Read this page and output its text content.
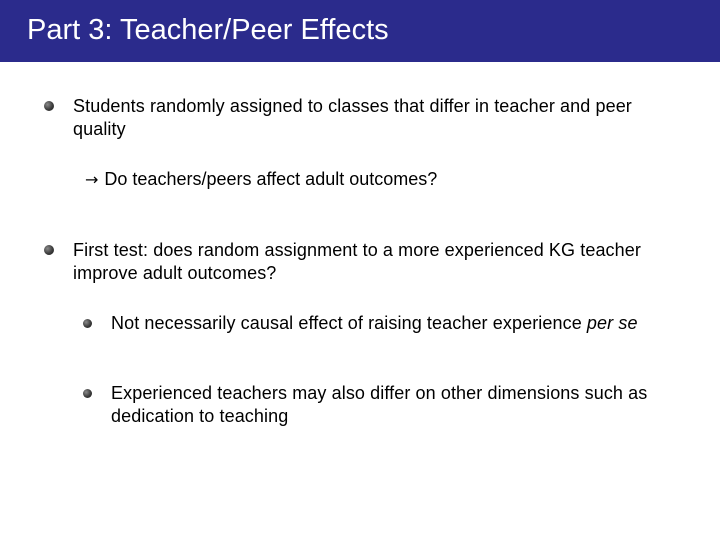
Part 3: Teacher/Peer Effects
Students randomly assigned to classes that differ in teacher and peer quality
→ Do teachers/peers affect adult outcomes?
First test: does random assignment to a more experienced KG teacher improve adult outcomes?
Not necessarily causal effect of raising teacher experience per se
Experienced teachers may also differ on other dimensions such as dedication to teaching
